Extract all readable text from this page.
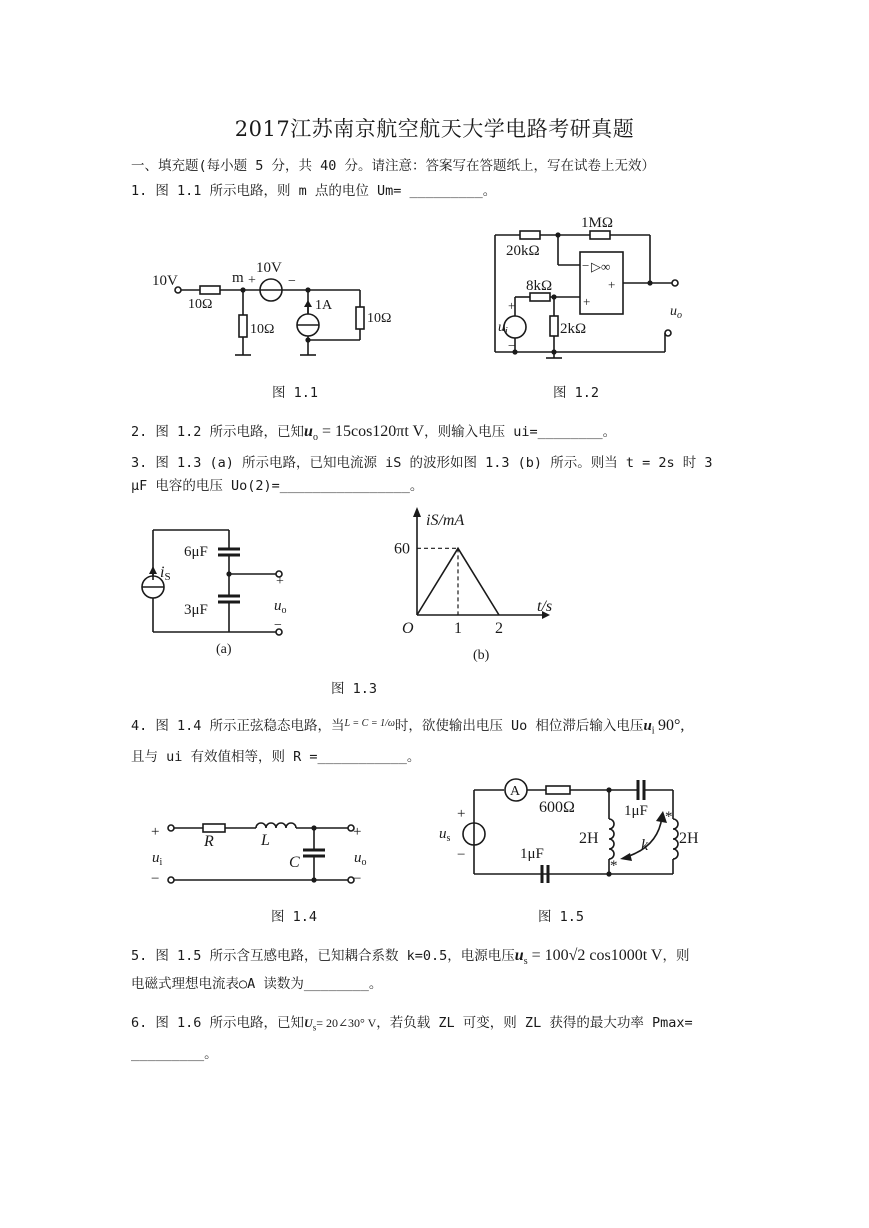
2017江苏南京航空航天大学电路考研真题
一、填充题(每小题 5 分，共 40 分。请注意：答案写在答题纸上，写在试卷上无效）
1. 图 1.1 所示电路，则 m 点的电位 Um= _________。
10V	m +
10V
−
10Ω
10Ω
1A
10Ω
1MΩ
20kΩ
8kΩ
2kΩ
− ▷∞
+
+
+
−
$u_i$
$u_o$
图 1.1	图 1.2
2. 图 1.2 所示电路，已知$u_o = 15\cos 120\pi t$ V，则输入电压 ui=________。
3. 图 1.3 (a) 所示电路，已知电流源 iS 的波形如图 1.3 (b) 所示。则当 t = 2s 时 3
μF 电容的电压 Uo(2)=________________。
6μF
3μF
iS	+
$u_o$
−
(a)
O	1 2
60
iS/mA
t/s
(b)
图 1.3
4. 图 1.4 所示正弦稳态电路，当$^{L = C = 1/\omega}$时，欲使输出电压 Uo 相位滞后输入电压$u_i$ 90°,
且与 ui 有效值相等，则 R =___________。
+
−
+
−
R	L
C
$u_i$	$u_o$
A
600Ω	1μF
1μF
2H	2H
k
*
*
+
−
$u_s$
图 1.4	图 1.5
5. 图 1.5 所示含互感电路，已知耦合系数 k=0.5，电源电压$u_s = 100√2$ cos1000t V，则
电磁式理想电流表○A 读数为________。
6. 图 1.6 所示电路，已知$U_s=$ 20∠30° V，若负载 ZL 可变，则 ZL 获得的最大功率 Pmax=
_________。
